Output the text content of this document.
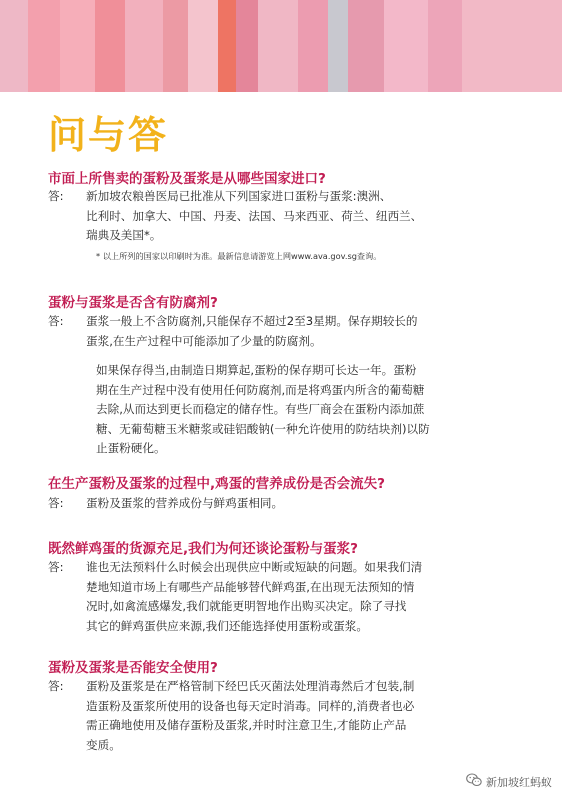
问与答

市面上所售卖的蛋粉及蛋浆是从哪些国家进口?

答:	新加坡农粮兽医局已批准从下列国家进口蛋粉与蛋浆:澳洲、
比利时、加拿大、中国、丹麦、法国、马来西亚、荷兰、纽西兰、
瑞典及美国*。

* 以上所列的国家以印刷时为准。最新信息请游览上网www.ava.gov.sg查询。

蛋粉与蛋浆是否含有防腐剂?

答:	蛋浆一般上不含防腐剂,只能保存不超过2至3星期。保存期较长的
蛋浆,在生产过程中可能添加了少量的防腐剂。

如果保存得当,由制造日期算起,蛋粉的保存期可长达一年。蛋粉
期在生产过程中没有使用任何防腐剂,而是将鸡蛋内所含的葡萄糖
去除,从而达到更长而稳定的储存性。有些厂商会在蛋粉内添加蔗
糖、无葡萄糖玉米糖浆或硅铝酸钠(一种允许使用的防结块剂)以防
止蛋粉硬化。

在生产蛋粉及蛋浆的过程中,鸡蛋的营养成份是否会流失?

答:	蛋粉及蛋浆的营养成份与鲜鸡蛋相同。

既然鲜鸡蛋的货源充足,我们为何还谈论蛋粉与蛋浆?

答:	谁也无法预料什么时候会出现供应中断或短缺的问题。如果我们清
楚地知道市场上有哪些产品能够替代鲜鸡蛋,在出现无法预知的情
况时,如禽流感爆发,我们就能更明智地作出购买决定。除了寻找
其它的鲜鸡蛋供应来源,我们还能选择使用蛋粉或蛋浆。

蛋粉及蛋浆是否能安全使用?

答:	蛋粉及蛋浆是在严格管制下经巴氏灭菌法处理消毒然后才包装,制
造蛋粉及蛋浆所使用的设备也每天定时消毒。同样的,消费者也必
需正确地使用及储存蛋粉及蛋浆,并时时注意卫生,才能防止产品
变质。
新加坡红蚂蚁
